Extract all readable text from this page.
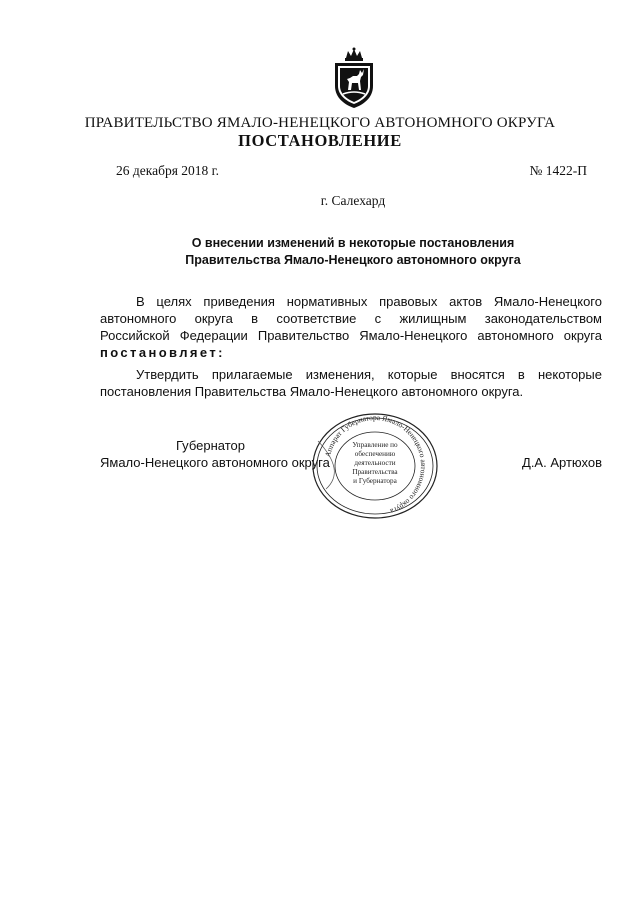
ПРАВИТЕЛЬСТВО ЯМАЛО-НЕНЕЦКОГО АВТОНОМНОГО ОКРУГА
ПОСТАНОВЛЕНИЕ
26 декабря 2018 г.	№ 1422-П
г. Салехард
О внесении изменений в некоторые постановления
Правительства Ямало-Ненецкого автономного округа
В целях приведения нормативных правовых актов Ямало-Ненецкого
автономного округа в соответствие с жилищным законодательством
Российской Федерации Правительство Ямало-Ненецкого автономного округа
постановляет:
Утвердить прилагаемые изменения, которые вносятся в некоторые
постановления Правительства Ямало-Ненецкого автономного округа.
Губернатор
Ямало-Ненецкого автономного округа	Д.А. Артюхов
Аппарат Губернатора Ямало-Ненецкого автономного округа
Управление по
обеспечению
деятельности
Правительства
и Губернатора
